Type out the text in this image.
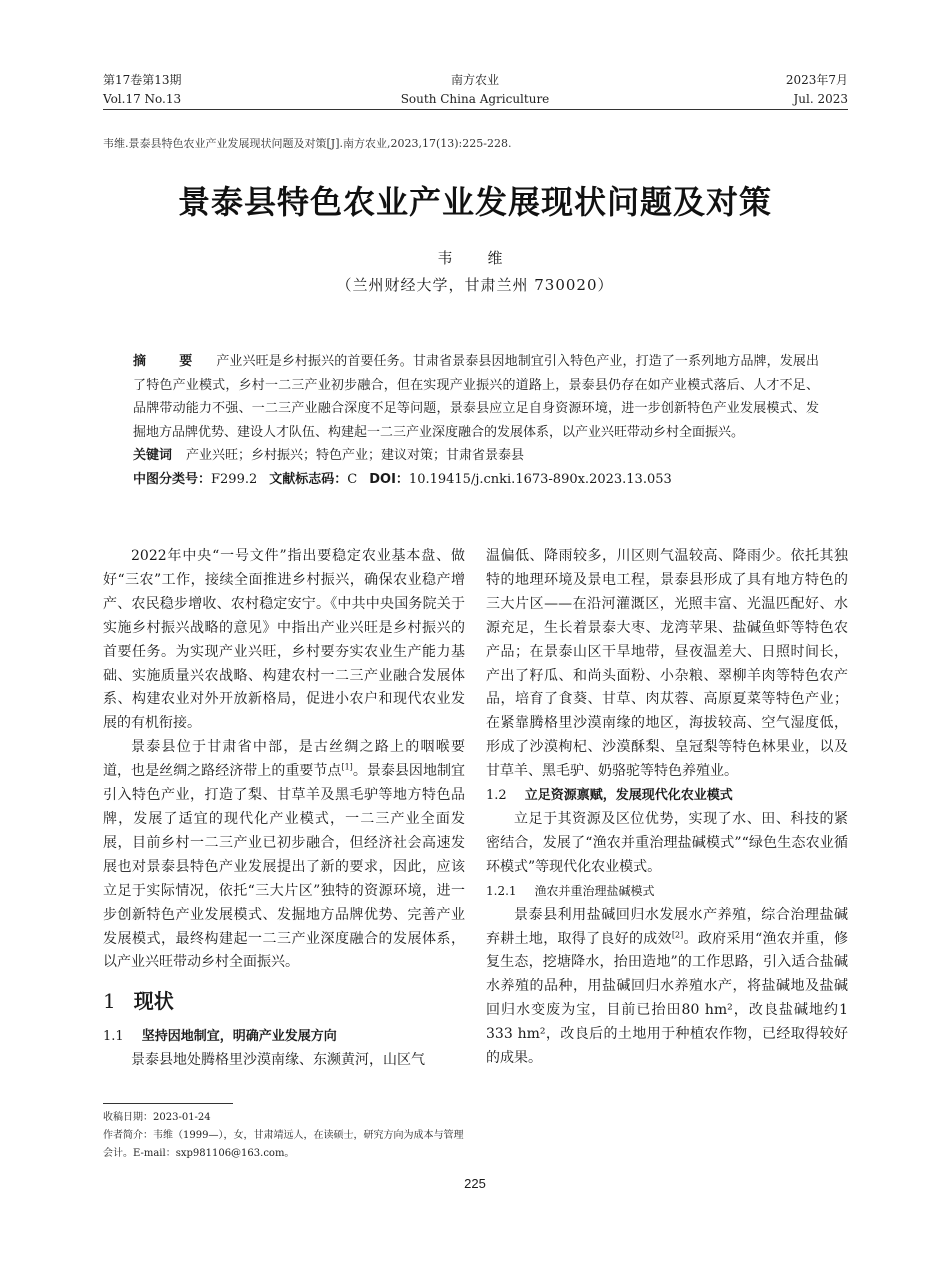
第17卷第13期
Vol.17 No.13
南方农业
South China Agriculture
2023年7月
Jul. 2023
韦维.景泰县特色农业产业发展现状问题及对策[J].南方农业,2023,17(13):225-228.
景泰县特色农业产业发展现状问题及对策
韦　维
（兰州财经大学，甘肃兰州 730020）

摘　要 产业兴旺是乡村振兴的首要任务。甘肃省景泰县因地制宜引入特色产业，打造了一系列地方品牌，发展出了特色产业模式，乡村一二三产业初步融合，但在实现产业振兴的道路上，景泰县仍存在如产业模式落后、人才不足、品牌带动能力不强、一二三产业融合深度不足等问题，景泰县应立足自身资源环境，进一步创新特色产业发展模式、发掘地方品牌优势、建设人才队伍、构建起一二三产业深度融合的发展体系，以产业兴旺带动乡村全面振兴。

关键词 产业兴旺；乡村振兴；特色产业；建议对策；甘肃省景泰县

中图分类号：F299.2 文献标志码：C DOI：10.19415/j.cnki.1673-890x.2023.13.053

2022年中央“一号文件”指出要稳定农业基本盘、做好“三农”工作，接续全面推进乡村振兴，确保农业稳产增产、农民稳步增收、农村稳定安宁。《中共中央国务院关于实施乡村振兴战略的意见》中指出产业兴旺是乡村振兴的首要任务。为实现产业兴旺，乡村要夯实农业生产能力基础、实施质量兴农战略、构建农村一二三产业融合发展体系、构建农业对外开放新格局，促进小农户和现代农业发展的有机衔接。

景泰县位于甘肃省中部，是古丝绸之路上的咽喉要道，也是丝绸之路经济带上的重要节点[1]。景泰县因地制宜引入特色产业，打造了梨、甘草羊及黑毛驴等地方特色品牌，发展了适宜的现代化产业模式，一二三产业全面发展，目前乡村一二三产业已初步融合，但经济社会高速发展也对景泰县特色产业发展提出了新的要求，因此，应该立足于实际情况，依托“三大片区”独特的资源环境，进一步创新特色产业发展模式、发掘地方品牌优势、完善产业发展模式，最终构建起一二三产业深度融合的发展体系，以产业兴旺带动乡村全面振兴。

1 现状
1.1 坚持因地制宜，明确产业发展方向

景泰县地处腾格里沙漠南缘、东濒黄河，山区气

温偏低、降雨较多，川区则气温较高、降雨少。依托其独特的地理环境及景电工程，景泰县形成了具有地方特色的三大片区——在沿河灌溉区，光照丰富、光温匹配好、水源充足，生长着景泰大枣、龙湾苹果、盐碱鱼虾等特色农产品；在景泰山区干旱地带，昼夜温差大、日照时间长，产出了籽瓜、和尚头面粉、小杂粮、翠柳羊肉等特色农产品，培育了食葵、甘草、肉苁蓉、高原夏菜等特色产业；在紧靠腾格里沙漠南缘的地区，海拔较高、空气湿度低，形成了沙漠枸杞、沙漠酥梨、皇冠梨等特色林果业，以及甘草羊、黑毛驴、奶骆驼等特色养殖业。

1.2 立足资源禀赋，发展现代化农业模式

立足于其资源及区位优势，实现了水、田、科技的紧密结合，发展了“渔农并重治理盐碱模式”“绿色生态农业循环模式”等现代化农业模式。

1.2.1 渔农并重治理盐碱模式

景泰县利用盐碱回归水发展水产养殖，综合治理盐碱弃耕土地，取得了良好的成效[2]。政府采用“渔农并重，修复生态，挖塘降水，抬田造地”的工作思路，引入适合盐碱水养殖的品种，用盐碱回归水养殖水产，将盐碱地及盐碱回归水变废为宝，目前已抬田80 hm²，改良盐碱地约1 333 hm²，改良后的土地用于种植农作物，已经取得较好的成果。

收稿日期：2023-01-24

作者简介：韦维（1999—），女，甘肃靖远人，在读硕士，研究方向为成本与管理会计。E-mail：sxp981106@163.com。

225
